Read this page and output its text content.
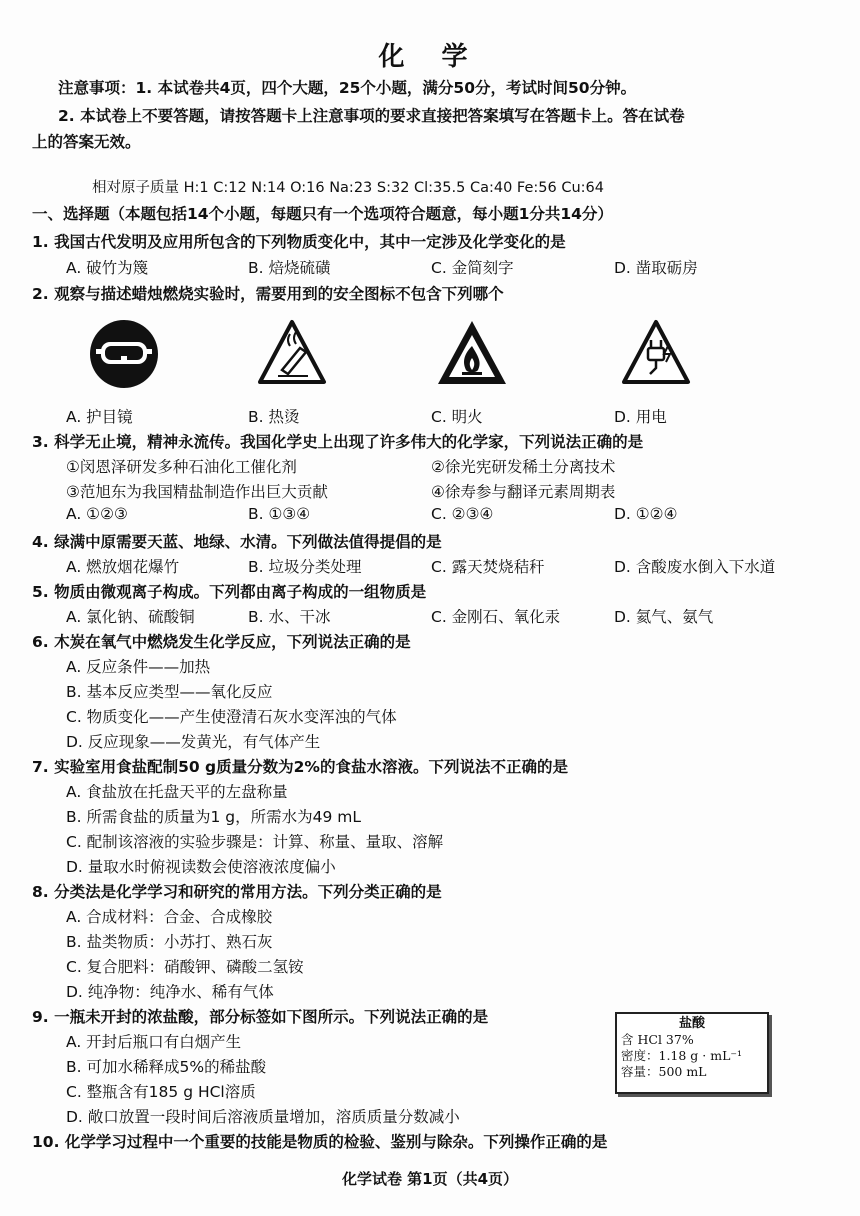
化 学
注意事项：1. 本试卷共4页，四个大题，25个小题，满分50分，考试时间50分钟。
2. 本试卷上不要答题，请按答题卡上注意事项的要求直接把答案填写在答题卡上。答在试卷
上的答案无效。
相对原子质量 H:1 C:12 N:14 O:16 Na:23 S:32 Cl:35.5 Ca:40 Fe:56 Cu:64
一、选择题（本题包括14个小题，每题只有一个选项符合题意，每小题1分共14分）
1. 我国古代发明及应用所包含的下列物质变化中，其中一定涉及化学变化的是
A. 破竹为篾	B. 焙烧硫磺	C. 金简刻字	D. 凿取砺房
2. 观察与描述蜡烛燃烧实验时，需要用到的安全图标不包含下列哪个
A. 护目镜	B. 热烫	C. 明火	D. 用电
3. 科学无止境，精神永流传。我国化学史上出现了许多伟大的化学家，下列说法正确的是
①闵恩泽研发多种石油化工催化剂	②徐光宪研发稀土分离技术
③范旭东为我国精盐制造作出巨大贡献	④徐寿参与翻译元素周期表
A. ①②③	B. ①③④	C. ②③④	D. ①②④
4. 绿满中原需要天蓝、地绿、水清。下列做法值得提倡的是
A. 燃放烟花爆竹	B. 垃圾分类处理	C. 露天焚烧秸秆	D. 含酸废水倒入下水道
5. 物质由微观离子构成。下列都由离子构成的一组物质是
A. 氯化钠、硫酸铜	B. 水、干冰	C. 金刚石、氧化汞	D. 氦气、氨气
6. 木炭在氧气中燃烧发生化学反应，下列说法正确的是
A. 反应条件——加热
B. 基本反应类型——氧化反应
C. 物质变化——产生使澄清石灰水变浑浊的气体
D. 反应现象——发黄光，有气体产生
7. 实验室用食盐配制50 g质量分数为2%的食盐水溶液。下列说法不正确的是
A. 食盐放在托盘天平的左盘称量
B. 所需食盐的质量为1 g，所需水为49 mL
C. 配制该溶液的实验步骤是：计算、称量、量取、溶解
D. 量取水时俯视读数会使溶液浓度偏小
8. 分类法是化学学习和研究的常用方法。下列分类正确的是
A. 合成材料：合金、合成橡胶
B. 盐类物质：小苏打、熟石灰
C. 复合肥料：硝酸钾、磷酸二氢铵
D. 纯净物：纯净水、稀有气体
9. 一瓶未开封的浓盐酸，部分标签如下图所示。下列说法正确的是
A. 开封后瓶口有白烟产生
B. 可加水稀释成5%的稀盐酸
C. 整瓶含有185 g HCl溶质
D. 敞口放置一段时间后溶液质量增加，溶质质量分数减小
盐酸
含 HCl 37%
密度：1.18 g · mL⁻¹
容量：500 mL
10. 化学学习过程中一个重要的技能是物质的检验、鉴别与除杂。下列操作正确的是
化学试卷 第1页（共4页）
